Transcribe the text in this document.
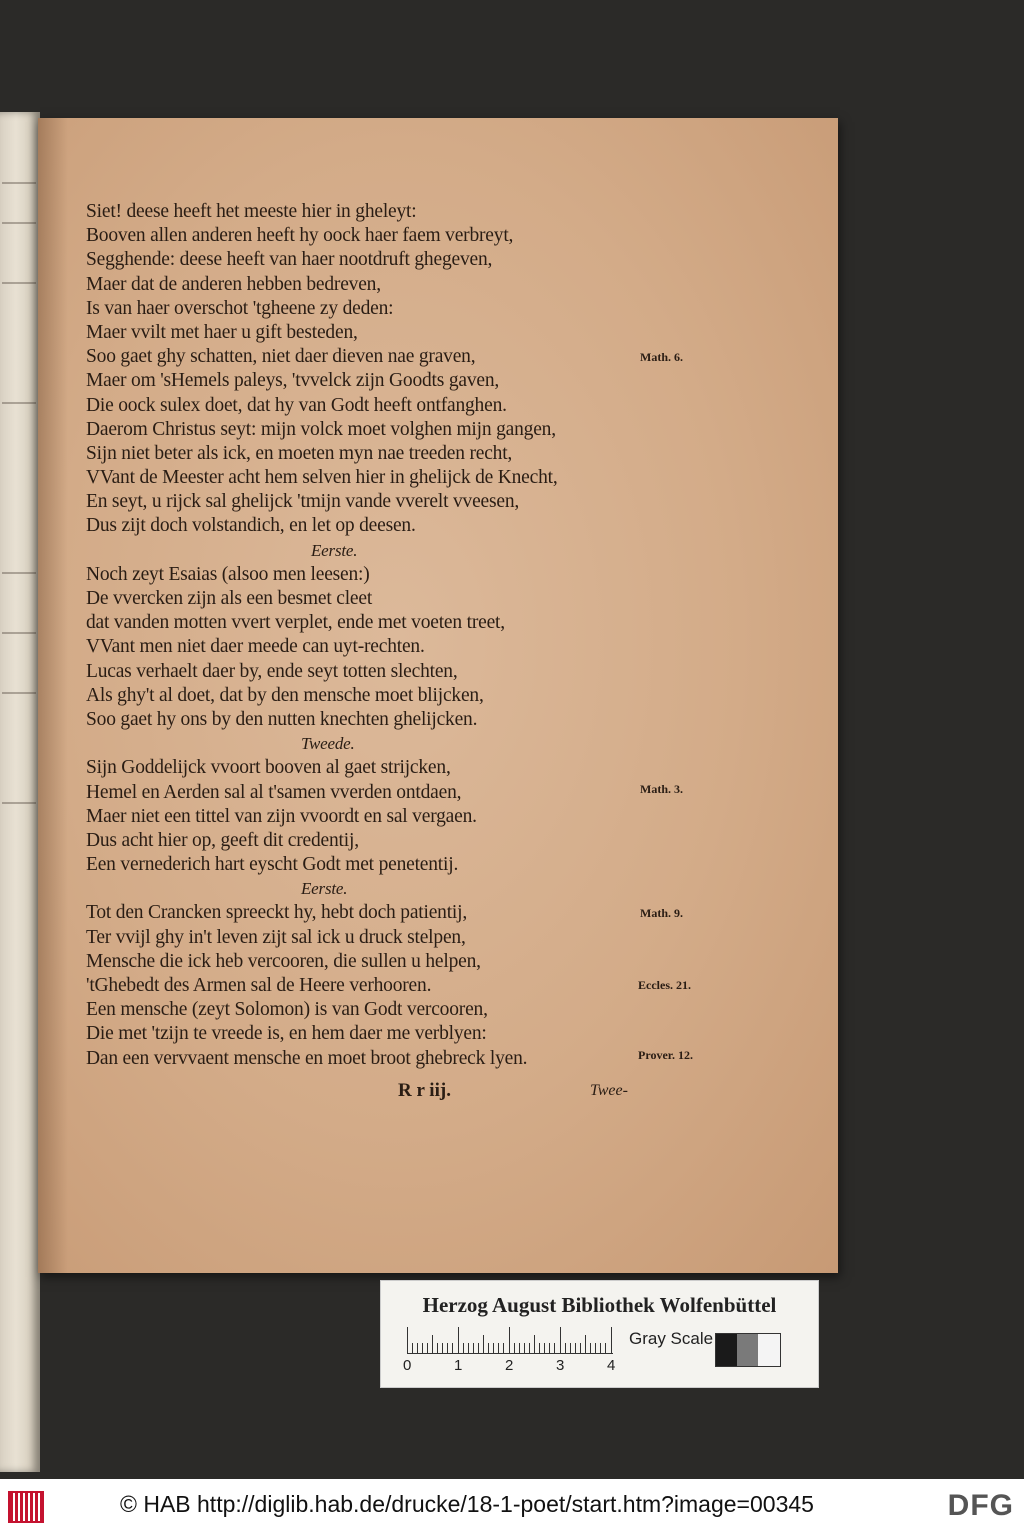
Siet! deese heeft het meeste hier in gheleyt:
Booven allen anderen heeft hy oock haer faem verbreyt,
Segghende: deese heeft van haer nootdruft ghegeven,
Maer dat de anderen hebben bedreven,
Is van haer overschot 'tgheene zy deden:
Maer vvilt met haer u gift besteden,
Soo gaet ghy schatten, niet daer dieven nae graven,
Maer om 'sHemels paleys, 'tvvelck zijn Goodts gaven,
Die oock sulex doet, dat hy van Godt heeft ontfanghen.
Daerom Christus seyt: mijn volck moet volghen mijn gangen,
Sijn niet beter als ick, en moeten myn nae treeden recht,
VVant de Meester acht hem selven hier in ghelijck de Knecht,
En seyt, u rijck sal ghelijck 'tmijn vande vverelt vveesen,
Dus zijt doch volstandich, en let op deesen.
Eerste.
Noch zeyt Esaias (alsoo men leesen:)
De vvercken zijn als een besmet cleet
dat vanden motten vvert verplet, ende met voeten treet,
VVant men niet daer meede can uyt-rechten.
Lucas verhaelt daer by, ende seyt totten slechten,
Als ghy't al doet, dat by den mensche moet blijcken,
Soo gaet hy ons by den nutten knechten ghelijcken.
Tweede.
Sijn Goddelijck vvoort booven al gaet strijcken,
Hemel en Aerden sal al t'samen vverden ontdaen,
Maer niet een tittel van zijn vvoordt en sal vergaen.
Dus acht hier op, geeft dit credentij,
Een vernederich hart eyscht Godt met penetentij.
Eerste.
Tot den Crancken spreeckt hy, hebt doch patientij,
Ter vvijl ghy in't leven zijt sal ick u druck stelpen,
Mensche die ick heb vercooren, die sullen u helpen,
'tGhebedt des Armen sal de Heere verhooren.
Een mensche (zeyt Solomon) is van Godt vercooren,
Die met 'tzijn te vreede is, en hem daer me verblyen:
Dan een vervvaent mensche en moet broot ghebreck lyen.
Math. 6.
Math. 3.
Math. 9.
Eccles. 21.
Prover. 12.
R r iij.	Twee-
Herzog August Bibliothek Wolfenbüttel
0	1	2	3	4
Gray Scale
© HAB http://diglib.hab.de/drucke/18-1-poet/start.htm?image=00345	DFG
